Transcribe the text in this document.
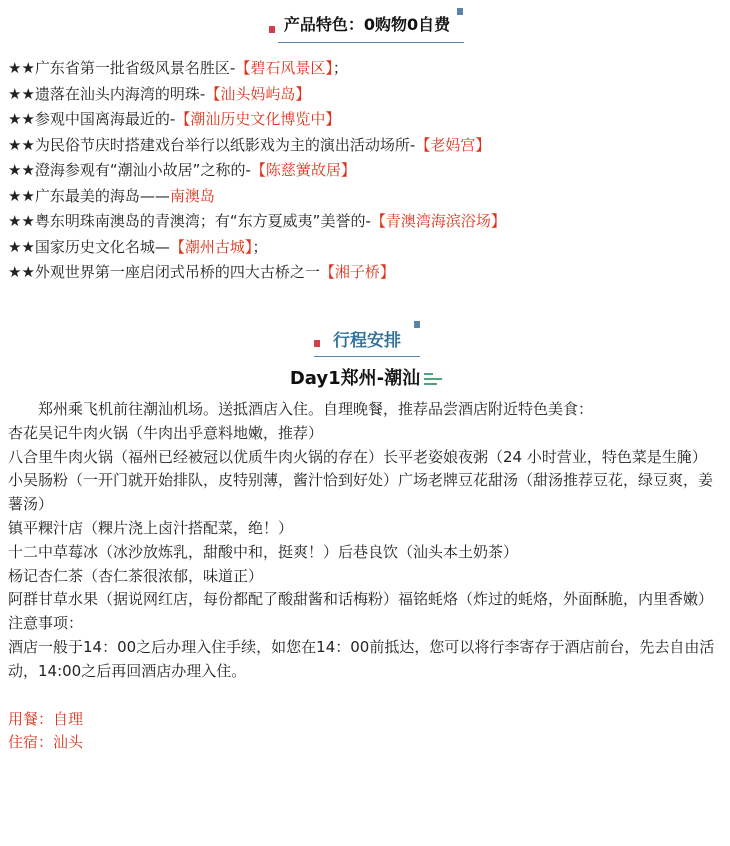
产品特色：0购物0自费
★★广东省第一批省级风景名胜区-【碧石风景区】；
★★遗落在汕头内海湾的明珠-【汕头妈屿岛】
★★参观中国离海最近的-【潮汕历史文化博览中】
★★为民俗节庆时搭建戏台举行以纸影戏为主的演出活动场所-【老妈宫】
★★澄海参观有“潮汕小故居”之称的-【陈慈黉故居】
★★广东最美的海岛——南澳岛
★★粤东明珠南澳岛的青澳湾；有“东方夏威夷”美誉的-【青澳湾海滨浴场】
★★国家历史文化名城—【潮州古城】；
★★外观世界第一座启闭式吊桥的四大古桥之一【湘子桥】
行程安排
Day1郑州-潮汕

郑州乘飞机前往潮汕机场。送抵酒店入住。自理晚餐，推荐品尝酒店附近特色美食：

杏花吴记牛肉火锅（牛肉出乎意料地嫩，推荐）

八合里牛肉火锅（福州已经被冠以优质牛肉火锅的存在）长平老姿娘夜粥（24 小时营业，特色菜是生腌）

小吴肠粉（一开门就开始排队，皮特别薄，酱汁恰到好处）广场老牌豆花甜汤（甜汤推荐豆花，绿豆爽，姜薯汤）

镇平粿汁店（粿片浇上卤汁搭配菜，绝！）

十二中草莓冰（冰沙放炼乳，甜酸中和，挺爽！）后巷良饮（汕头本土奶茶）

杨记杏仁茶（杏仁茶很浓郁，味道正）

阿群甘草水果（据说网红店，每份都配了酸甜酱和话梅粉）福铭蚝烙（炸过的蚝烙，外面酥脆，内里香嫩）

注意事项：

酒店一般于14：00之后办理入住手续，如您在14：00前抵达，您可以将行李寄存于酒店前台，先去自由活动，14:00之后再回酒店办理入住。

用餐：自理

住宿：汕头
